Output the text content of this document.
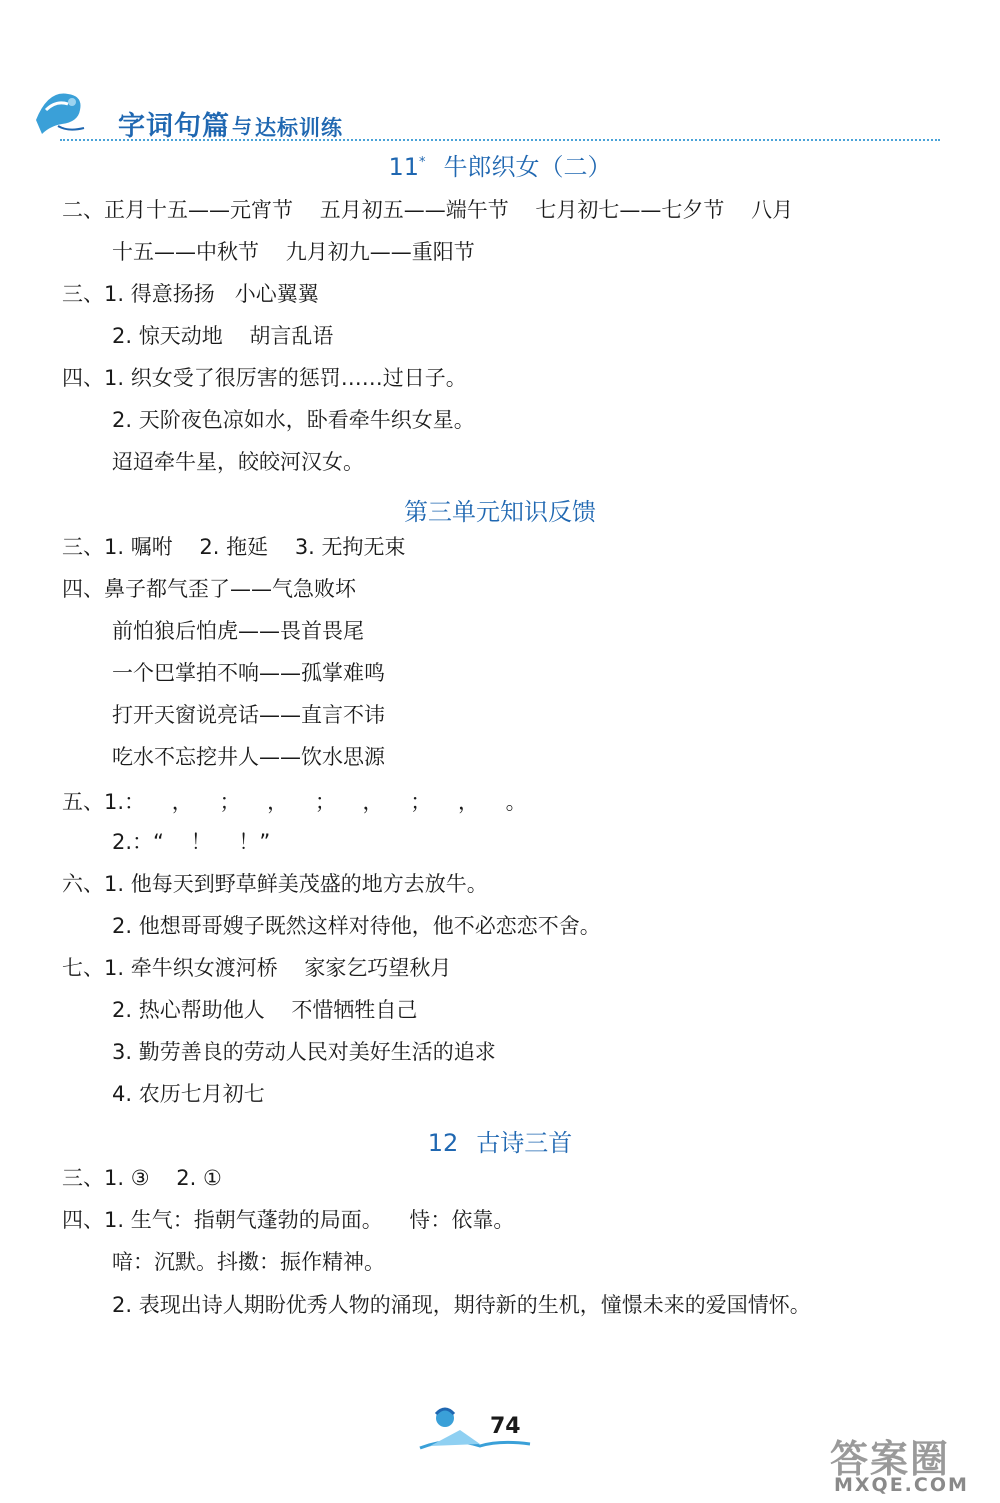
字词句篇 与达标训练
11* 牛郎织女（二）
二、正月十五——元宵节    五月初五——端午节    七月初七——七夕节    八月
十五——中秋节    九月初九——重阳节
三、1. 得意扬扬   小心翼翼
2. 惊天动地    胡言乱语
四、1. 织女受了很厉害的惩罚……过日子。
2. 天阶夜色凉如水，卧看牵牛织女星。
迢迢牵牛星，皎皎河汉女。
第三单元知识反馈
三、1. 嘱咐    2. 拖延    3. 无拘无束
四、鼻子都气歪了——气急败坏
前怕狼后怕虎——畏首畏尾
一个巴掌拍不响——孤掌难鸣
打开天窗说亮话——直言不讳
吃水不忘挖井人——饮水思源
五、1.：    ，    ；    ，    ；    ，    ；    ，    。
2.：“    ！    ！”
六、1. 他每天到野草鲜美茂盛的地方去放牛。
2. 他想哥哥嫂子既然这样对待他，他不必恋恋不舍。
七、1. 牵牛织女渡河桥    家家乞巧望秋月
2. 热心帮助他人    不惜牺牲自己
3. 勤劳善良的劳动人民对美好生活的追求
4. 农历七月初七
12 古诗三首
三、1. ③    2. ①
四、1. 生气：指朝气蓬勃的局面。    恃：依靠。
喑：沉默。抖擞：振作精神。
2. 表现出诗人期盼优秀人物的涌现，期待新的生机，憧憬未来的爱国情怀。
74
答案圈
MXQE.COM
